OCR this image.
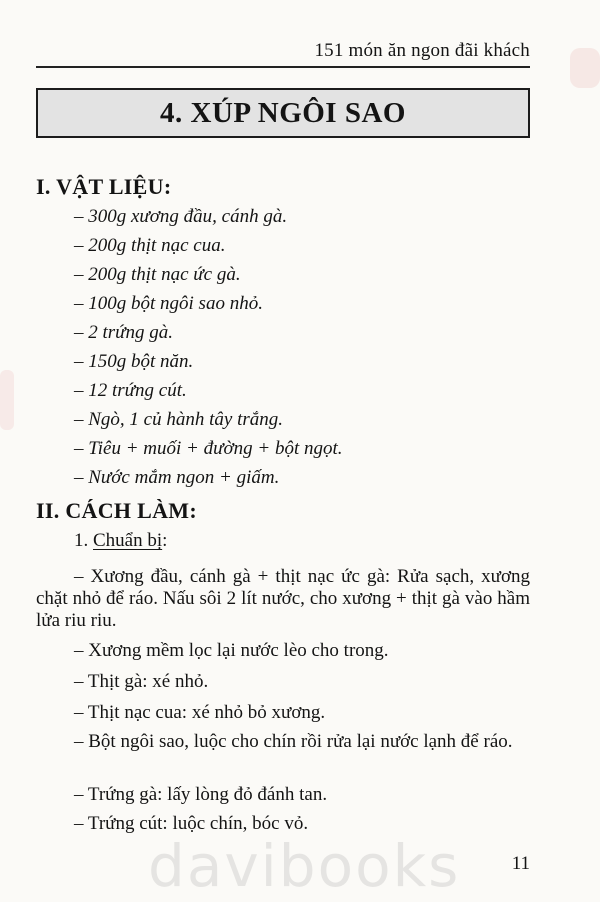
151 món ăn ngon đãi khách
4. XÚP NGÔI SAO
I. VẬT LIỆU:
– 300g xương đầu, cánh gà.
– 200g thịt nạc cua.
– 200g thịt nạc ức gà.
– 100g bột ngôi sao nhỏ.
– 2 trứng gà.
– 150g bột năn.
– 12 trứng cút.
– Ngò, 1 củ hành tây trắng.
– Tiêu + muối + đường + bột ngọt.
– Nước mắm ngon + giấm.
II. CÁCH LÀM:
1. Chuẩn bị:
– Xương đầu, cánh gà + thịt nạc ức gà: Rửa sạch, xương chặt nhỏ để ráo. Nấu sôi 2 lít nước, cho xương + thịt gà vào hầm lửa riu riu.
– Xương mềm lọc lại nước lèo cho trong.
– Thịt gà: xé nhỏ.
– Thịt nạc cua: xé nhỏ bỏ xương.
– Bột ngôi sao, luộc cho chín rồi rửa lại nước lạnh để ráo.
– Trứng gà: lấy lòng đỏ đánh tan.
– Trứng cút: luộc chín, bóc vỏ.
davibooks	11
